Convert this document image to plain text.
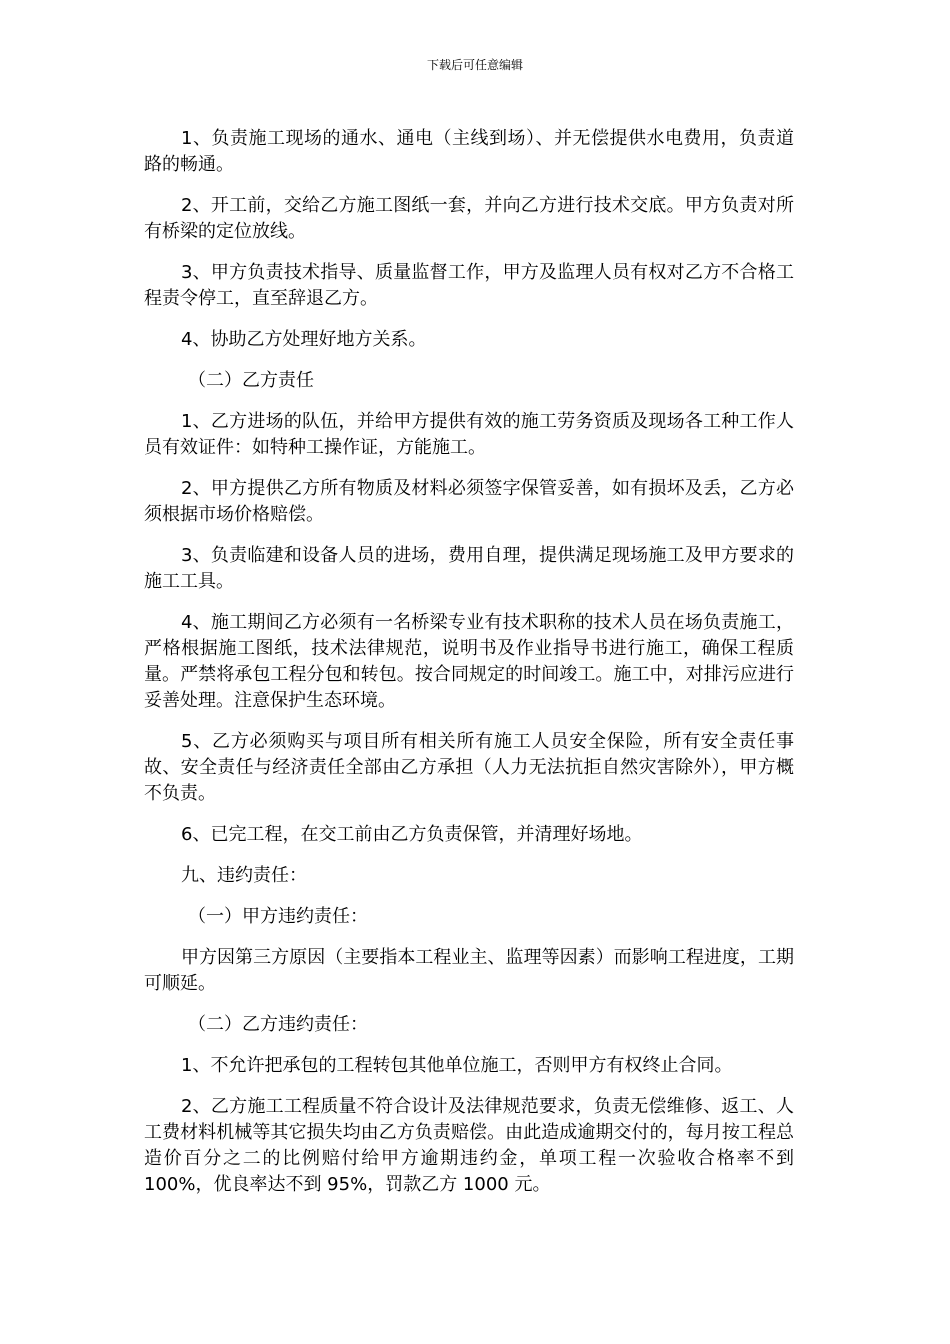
下载后可任意编辑

1、负责施工现场的通水、通电（主线到场）、并无偿提供水电费用，负责道路的畅通。

2、开工前，交给乙方施工图纸一套，并向乙方进行技术交底。甲方负责对所有桥梁的定位放线。

3、甲方负责技术指导、质量监督工作，甲方及监理人员有权对乙方不合格工程责令停工，直至辞退乙方。

4、协助乙方处理好地方关系。

（二）乙方责任

1、乙方进场的队伍，并给甲方提供有效的施工劳务资质及现场各工种工作人员有效证件：如特种工操作证，方能施工。

2、甲方提供乙方所有物质及材料必须签字保管妥善，如有损坏及丢，乙方必须根据市场价格赔偿。

3、负责临建和设备人员的进场，费用自理，提供满足现场施工及甲方要求的施工工具。

4、施工期间乙方必须有一名桥梁专业有技术职称的技术人员在场负责施工，严格根据施工图纸，技术法律规范，说明书及作业指导书进行施工，确保工程质量。严禁将承包工程分包和转包。按合同规定的时间竣工。施工中，对排污应进行妥善处理。注意保护生态环境。

5、乙方必须购买与项目所有相关所有施工人员安全保险，所有安全责任事故、安全责任与经济责任全部由乙方承担（人力无法抗拒自然灾害除外），甲方概不负责。

6、已完工程，在交工前由乙方负责保管，并清理好场地。

九、违约责任：

（一）甲方违约责任：

甲方因第三方原因（主要指本工程业主、监理等因素）而影响工程进度，工期可顺延。

（二）乙方违约责任：

1、不允许把承包的工程转包其他单位施工，否则甲方有权终止合同。

2、乙方施工工程质量不符合设计及法律规范要求，负责无偿维修、返工、人工费材料机械等其它损失均由乙方负责赔偿。由此造成逾期交付的，每月按工程总造价百分之二的比例赔付给甲方逾期违约金，单项工程一次验收合格率不到 100%，优良率达不到 95%，罚款乙方 1000 元。
